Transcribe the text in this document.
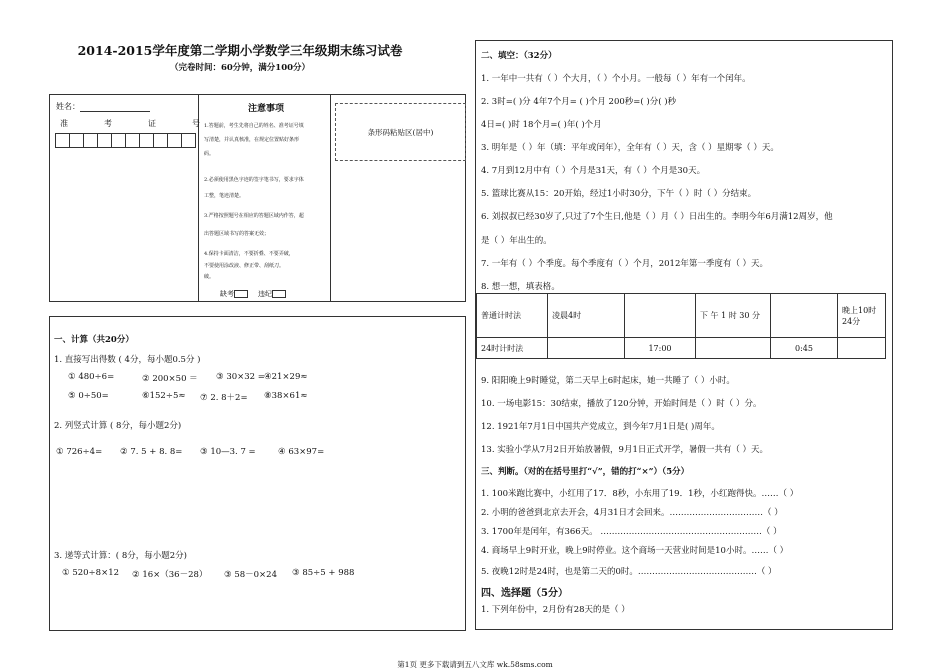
2014-2015学年度第二学期小学数学三年级期末练习试卷
（完卷时间：60分钟，满分100分）
姓名：
准	考	证	号
注意事项
1.答题前，考生先将自己的姓名、准考证号填
写清楚，并认真核准，在规定位置贴好条形
码。
2.必须使用黑色字迹的签字笔书写，要求字体
工整，笔迹清楚。
3.严格按照题号在相应的答题区域内作答，超
出答题区域书写的答案无效；
4.保持卡面清洁，不要折叠、不要弄破，
不要使用涂改液、修正带、刮纸刀。
破。
缺考	违纪
条形码粘贴区(居中)
一、计算（共20分）
1. 直接写出得数 ( 4分，每小题0.5分 )
① 480÷6=	② 200×50 ＝ ③ 30×32 = ④21×29≈
⑤ 0÷50=	⑥152÷5≈ ⑦ 2. 8＋2= ⑧38×61≈
2. 列竖式计算 ( 8分，每小题2分)
① 726÷4= ② 7. 5 + 8. 8= ③ 10—3. 7 =	④ 63×97=
3. 递等式计算：( 8分，每小题2分)
① 520÷8×12 ② 16×（36－28） ③ 58－0×24 ③ 85÷5 + 988
二、填空：（32分）
1. 一年中一共有（ ）个大月，（ ）个小月。一般每（ ）年有一个闰年。
2. 3时=( )分 4年7个月= ( )个月 200秒=( )分( )秒
4日=( )时 18个月=( )年( )个月
3. 明年是（ ）年（填：平年或闰年），全年有（ ）天，含（ ）星期零（ ）天。
4. 7月到12月中有（ ）个月是31天，有（ ）个月是30天。
5. 篮球比赛从15：20开始，经过1小时30分，下午（ ）时（ ）分结束。
6. 刘叔叔已经30岁了,只过了7个生日,他是（ ）月（ ）日出生的。李明今年6月满12周岁，他
是（ ）年出生的。
7. 一年有（ ）个季度。每个季度有（ ）个月，2012年第一季度有（ ）天。
8. 想一想，填表格。
普通计时法	凌晨4时		下 午 1 时 30 分		晚上10时24分
24时计时法		17:00		0:45	
9. 阳阳晚上9时睡觉，第二天早上6时起床，她一共睡了（ ）小时。
10. 一场电影15：30结束，播放了120分钟，开始时间是（ ）时（ ）分。
12. 1921年7月1日中国共产党成立，到今年7月1日是( )周年。
13. 实验小学从7月2日开始放暑假，9月1日正式开学，暑假一共有（ ）天。
三、判断。（对的在括号里打“√”，错的打“×”）（5分）
1. 100米跑比赛中，小红用了17．8秒，小东用了19．1秒，小红跑得快。……（ ）
2. 小明的爸爸到北京去开会，4月31日才会回来。……………………………（ ）
3. 1700年是闰年，有366天。 …………………………………………………（ ）
4. 商场早上9时开业，晚上9时停业。这个商场一天营业时间是10小时。……（ ）
5. 夜晚12时是24时，也是第二天的0时。……………………………………（ ）
四、选择题（5分）
1. 下列年份中，2月份有28天的是（ ）
第1页 更多下载请到五八文库 wk.58sms.com
